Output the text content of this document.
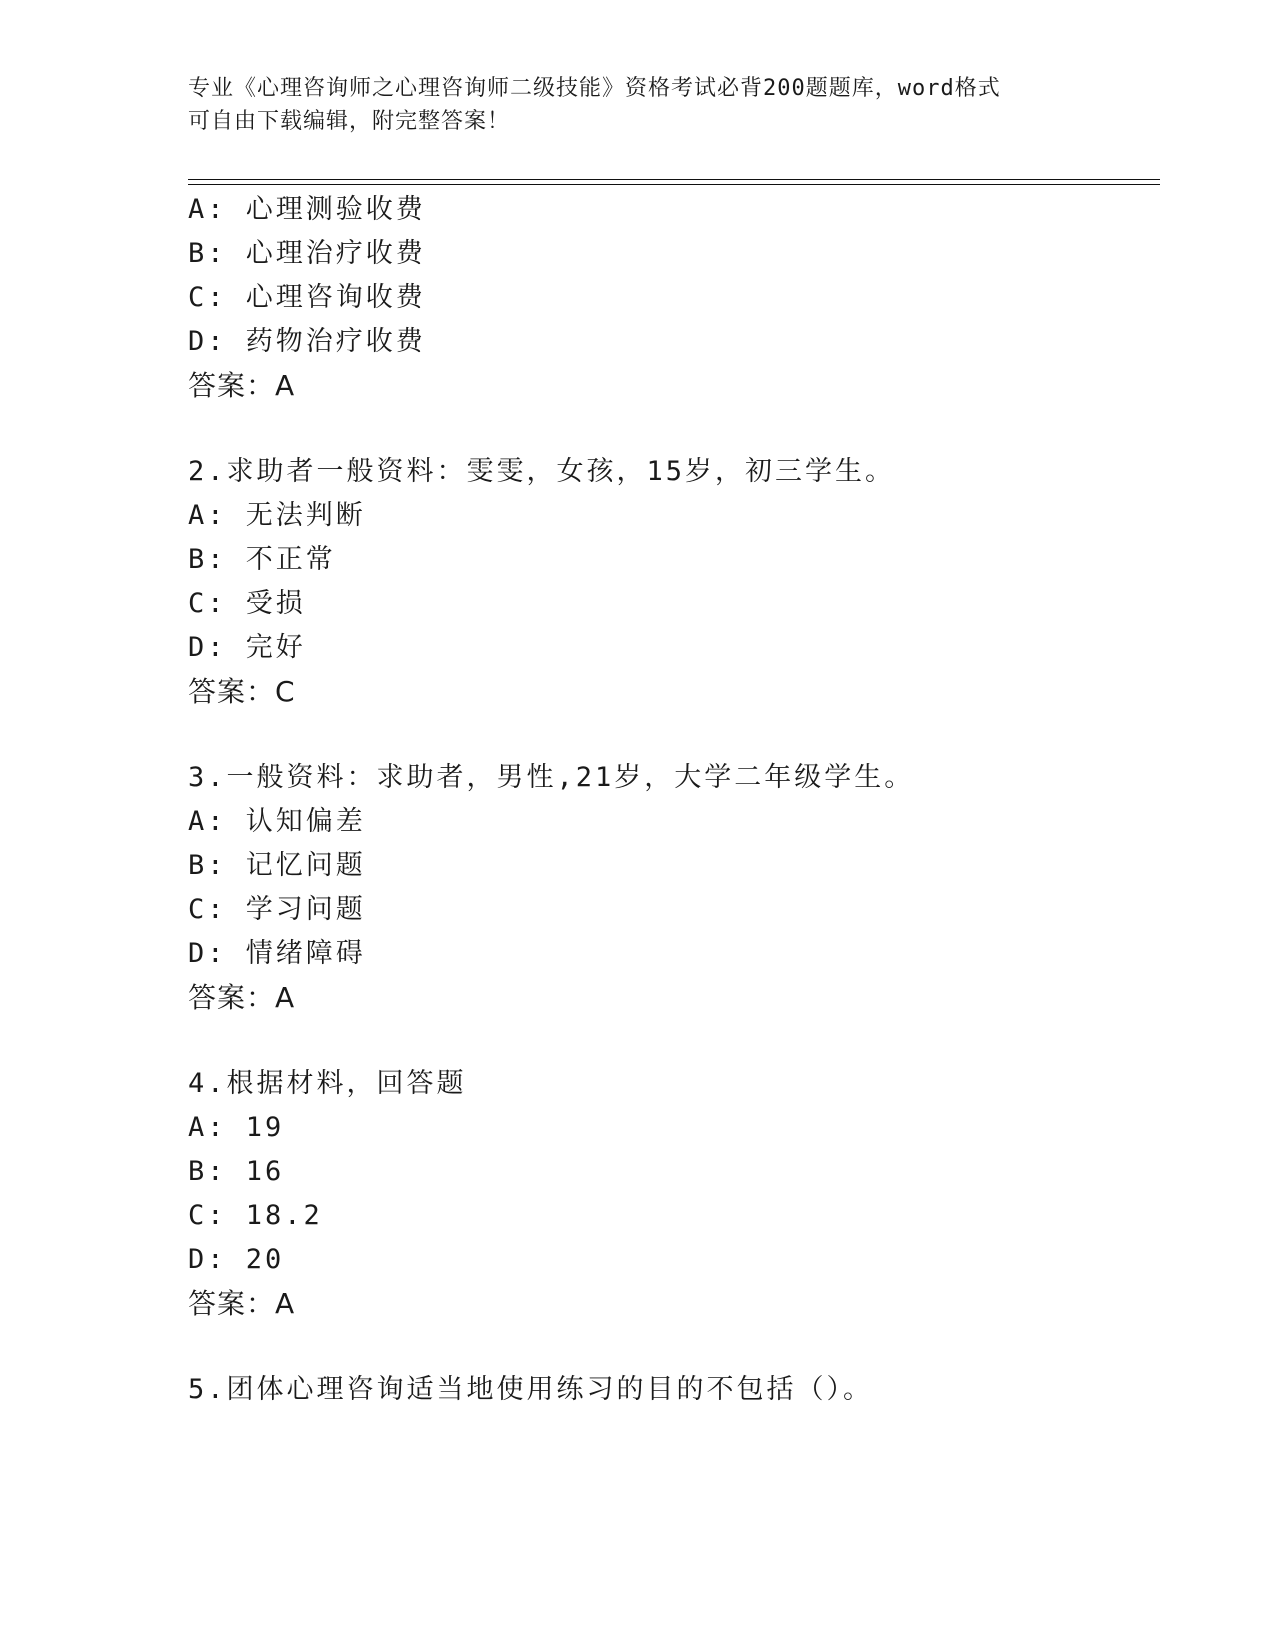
专业《心理咨询师之心理咨询师二级技能》资格考试必背200题题库，word格式
可自由下载编辑，附完整答案！
A: 心理测验收费
B: 心理治疗收费
C: 心理咨询收费
D: 药物治疗收费
答案：A
2.求助者一般资料：雯雯，女孩，15岁，初三学生。
A: 无法判断
B: 不正常
C: 受损
D: 完好
答案：C
3.一般资料：求助者，男性,21岁，大学二年级学生。
A: 认知偏差
B: 记忆问题
C: 学习问题
D: 情绪障碍
答案：A
4.根据材料，回答题
A: 19
B: 16
C: 18.2
D: 20
答案：A
5.团体心理咨询适当地使用练习的目的不包括（）。
